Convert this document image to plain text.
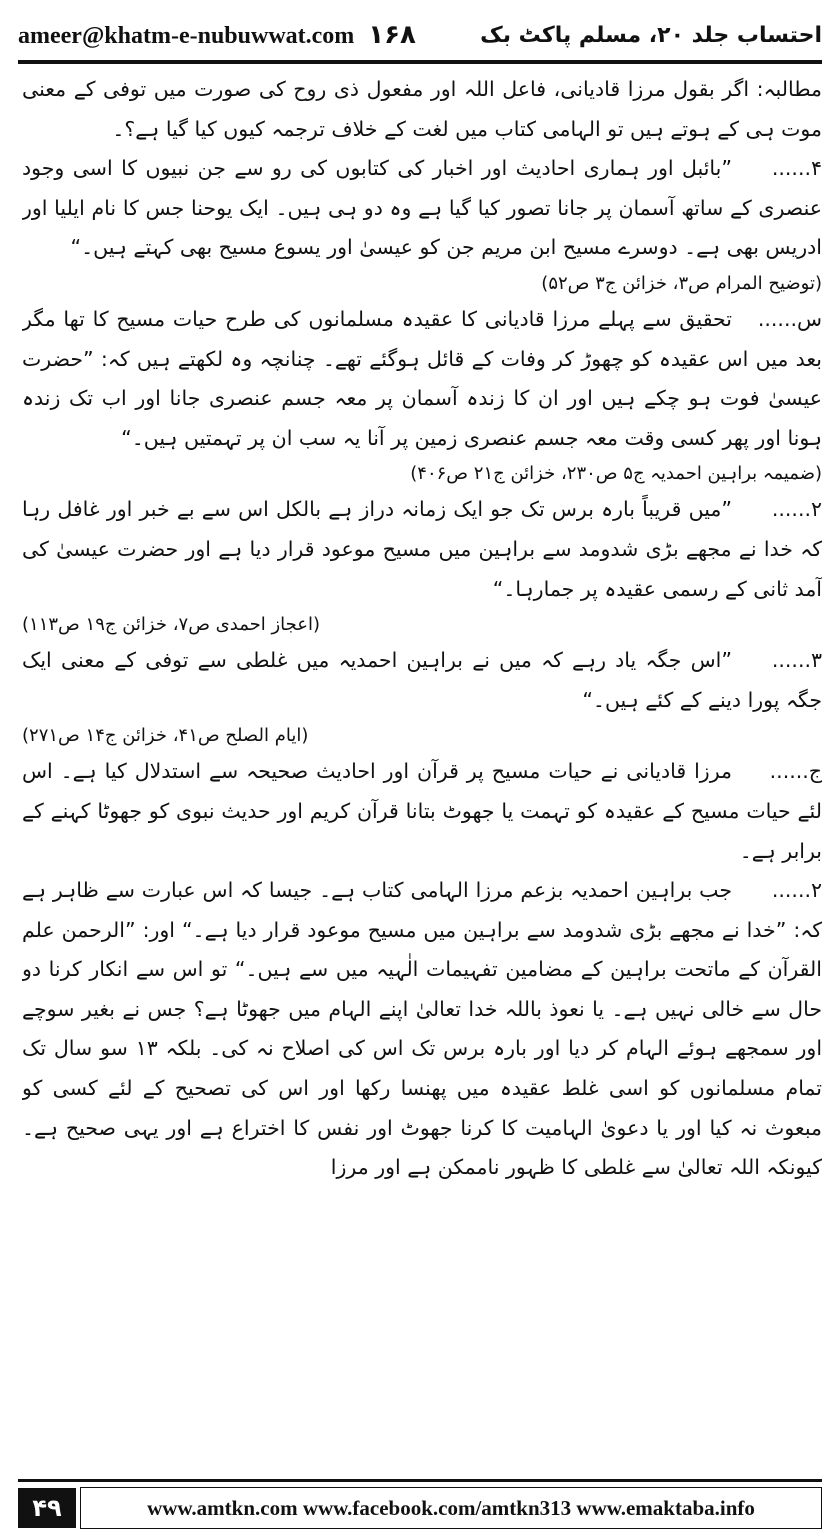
ameer@khatm-e-nubuwwat.com ۱۶۸	احتساب جلد ۲۰، مسلم پاکٹ بک

مطالبہ: اگر بقول مرزا قادیانی، فاعل اللہ اور مفعول ذی روح کی صورت میں توفی کے معنی موت ہی کے ہوتے ہیں تو الہامی کتاب میں لغت کے خلاف ترجمہ کیوں کیا گیا ہے؟۔

۴......”بائبل اور ہماری احادیث اور اخبار کی کتابوں کی رو سے جن نبیوں کا اسی وجود عنصری کے ساتھ آسمان پر جانا تصور کیا گیا ہے وہ دو ہی ہیں۔ ایک یوحنا جس کا نام ایلیا اور ادریس بھی ہے۔ دوسرے مسیح ابن مریم جن کو عیسیٰ اور یسوع مسیح بھی کہتے ہیں۔“

(توضیح المرام ص۳، خزائن ج۳ ص۵۲)

س......تحقیق سے پہلے مرزا قادیانی کا عقیدہ مسلمانوں کی طرح حیات مسیح کا تھا مگر بعد میں اس عقیدہ کو چھوڑ کر وفات کے قائل ہوگئے تھے۔ چنانچہ وہ لکھتے ہیں کہ: ”حضرت عیسیٰ فوت ہو چکے ہیں اور ان کا زندہ آسمان پر معہ جسم عنصری جانا اور اب تک زندہ ہونا اور پھر کسی وقت معہ جسم عنصری زمین پر آنا یہ سب ان پر تہمتیں ہیں۔“

(ضمیمہ براہین احمدیہ ج۵ ص۲۳۰، خزائن ج۲۱ ص۴۰۶)

۲......”میں قریباً بارہ برس تک جو ایک زمانہ دراز ہے بالکل اس سے بے خبر اور غافل رہا کہ خدا نے مجھے بڑی شدومد سے براہین میں مسیح موعود قرار دیا ہے اور حضرت عیسیٰ کی آمد ثانی کے رسمی عقیدہ پر جمارہا۔“

(اعجاز احمدی ص۷، خزائن ج۱۹ ص۱۱۳)

۳......”اس جگہ یاد رہے کہ میں نے براہین احمدیہ میں غلطی سے توفی کے معنی ایک جگہ پورا دینے کے کئے ہیں۔“

(ایام الصلح ص۴۱، خزائن ج۱۴ ص۲۷۱)

ج......مرزا قادیانی نے حیات مسیح پر قرآن اور احادیث صحیحہ سے استدلال کیا ہے۔ اس لئے حیات مسیح کے عقیدہ کو تہمت یا جھوٹ بتانا قرآن کریم اور حدیث نبوی کو جھوٹا کہنے کے برابر ہے۔

۲......جب براہین احمدیہ بزعم مرزا الہامی کتاب ہے۔ جیسا کہ اس عبارت سے ظاہر ہے کہ: ”خدا نے مجھے بڑی شدومد سے براہین میں مسیح موعود قرار دیا ہے۔“ اور: ”الرحمن علم القرآن کے ماتحت براہین کے مضامین تفہیمات الٰہیہ میں سے ہیں۔“ تو اس سے انکار کرنا دو حال سے خالی نہیں ہے۔ یا نعوذ باللہ خدا تعالیٰ اپنے الہام میں جھوٹا ہے؟ جس نے بغیر سوچے اور سمجھے ہوئے الہام کر دیا اور بارہ برس تک اس کی اصلاح نہ کی۔ بلکہ ۱۳ سو سال تک تمام مسلمانوں کو اسی غلط عقیدہ میں پھنسا رکھا اور اس کی تصحیح کے لئے کسی کو مبعوث نہ کیا اور یا دعویٰ الہامیت کا کرنا جھوٹ اور نفس کا اختراع ہے اور یہی صحیح ہے۔ کیونکہ اللہ تعالیٰ سے غلطی کا ظہور ناممکن ہے اور مرزا

۴۹	www.amtkn.com www.facebook.com/amtkn313 www.emaktaba.info
